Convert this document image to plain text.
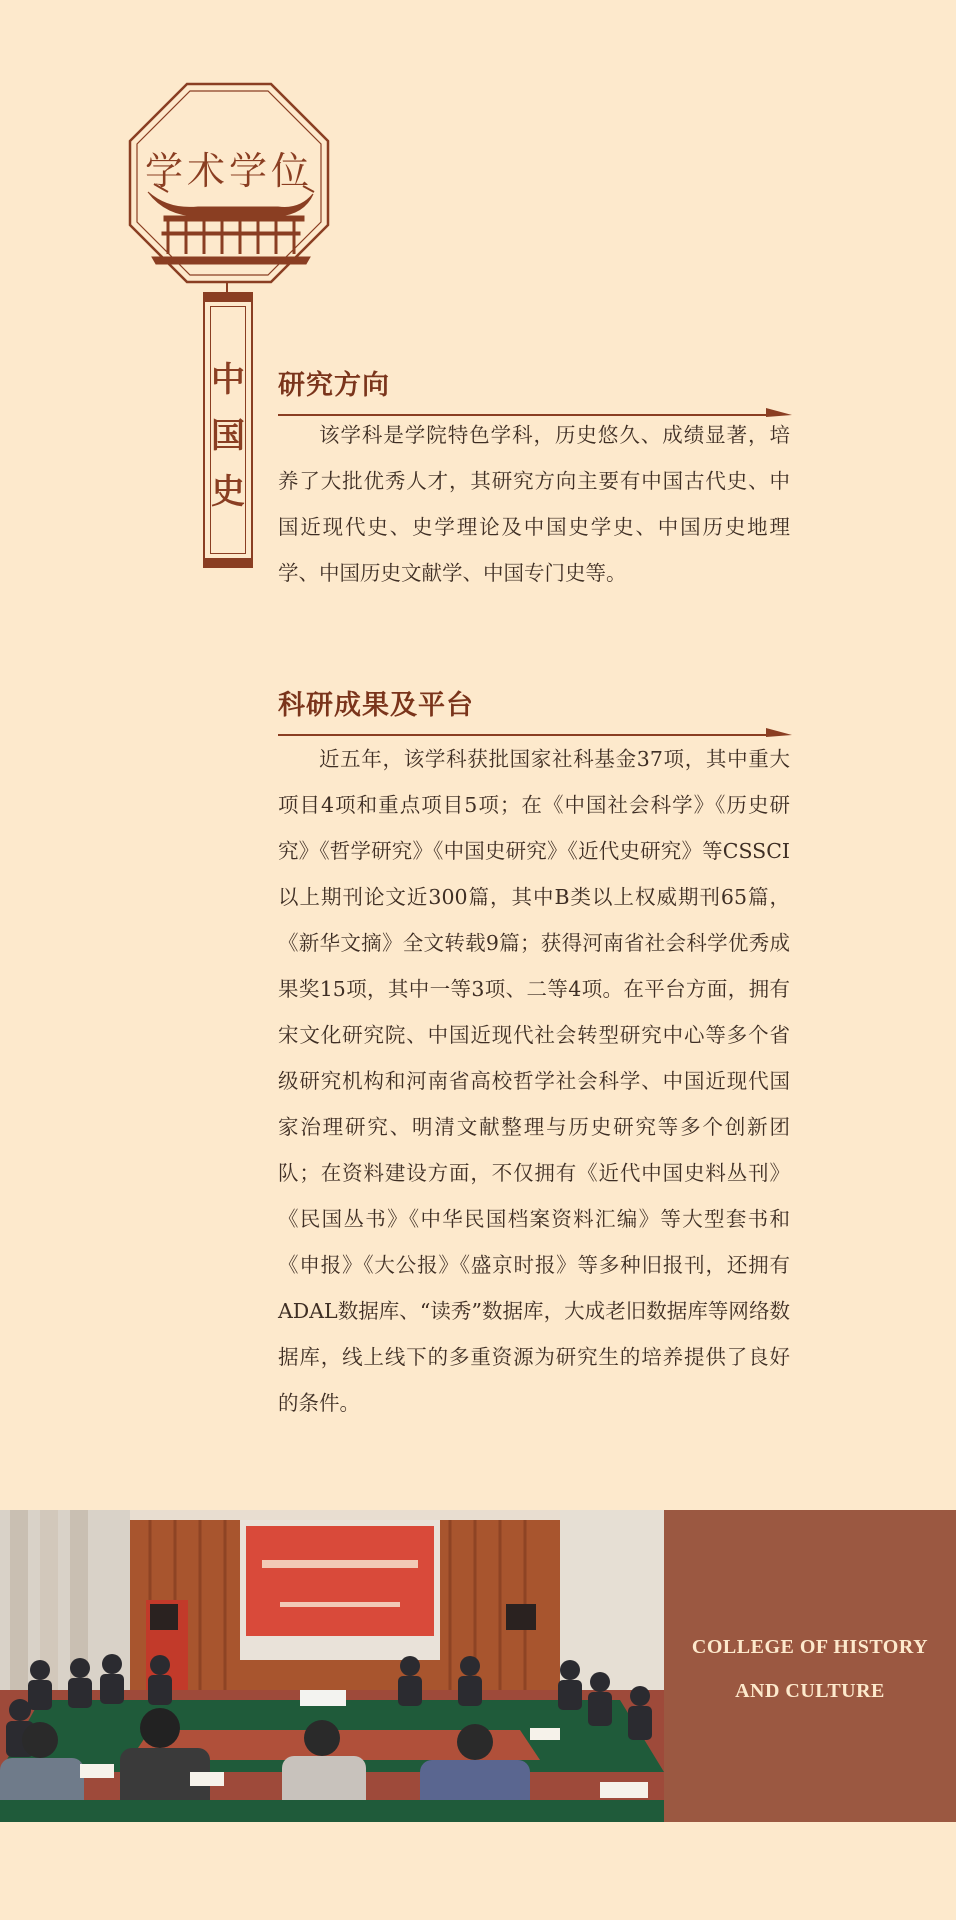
学术学位
中国史
研究方向

该学科是学院特色学科，历史悠久、成绩显著，培养了大批优秀人才，其研究方向主要有中国古代史、中国近现代史、史学理论及中国史学史、中国历史地理学、中国历史文献学、中国专门史等。

科研成果及平台

近五年，该学科获批国家社科基金37项，其中重大项目4项和重点项目5项；在《中国社会科学》《历史研究》《哲学研究》《中国史研究》《近代史研究》等CSSCI以上期刊论文近300篇，其中B类以上权威期刊65篇，《新华文摘》全文转载9篇；获得河南省社会科学优秀成果奖15项，其中一等3项、二等4项。在平台方面，拥有宋文化研究院、中国近现代社会转型研究中心等多个省级研究机构和河南省高校哲学社会科学、中国近现代国家治理研究、明清文献整理与历史研究等多个创新团队；在资料建设方面，不仅拥有《近代中国史料丛刊》《民国丛书》《中华民国档案资料汇编》等大型套书和《申报》《大公报》《盛京时报》等多种旧报刊，还拥有ADAL数据库、“读秀”数据库，大成老旧数据库等网络数据库，线上线下的多重资源为研究生的培养提供了良好的条件。

COLLEGE OF HISTORY
AND CULTURE
